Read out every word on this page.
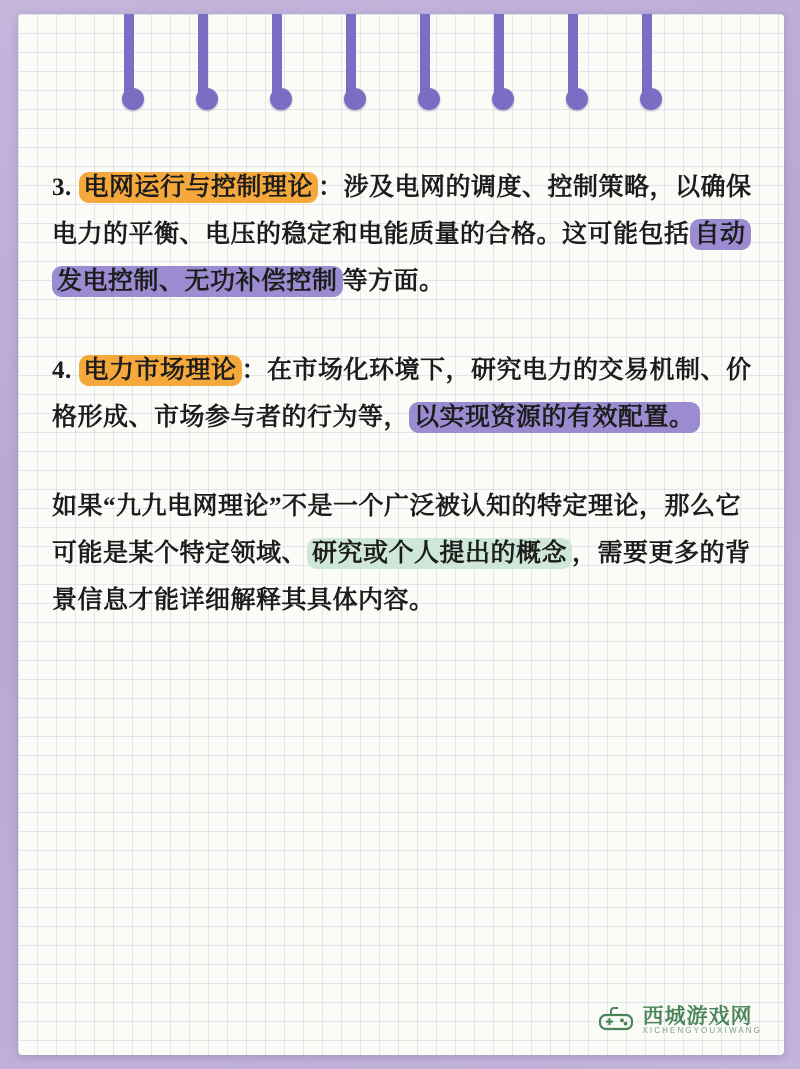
3. 电网运行与控制理论 ：涉及电网的调度、控制策略，以确保电力的平衡、电压的稳定和电能质量的合格。这可能包括 自动发电控制、无功补偿控制 等方面。
4. 电力市场理论 ：在市场化环境下，研究电力的交易机制、价格形成、市场参与者的行为等， 以实现资源的有效配置。
如果“九九电网理论”不是一个广泛被认知的特定理论，那么它可能是某个特定领域、 研究或个人提出的概念 ，需要更多的背景信息才能详细解释其具体内容。
西城游戏网
XICHENGYOUXIWANG
